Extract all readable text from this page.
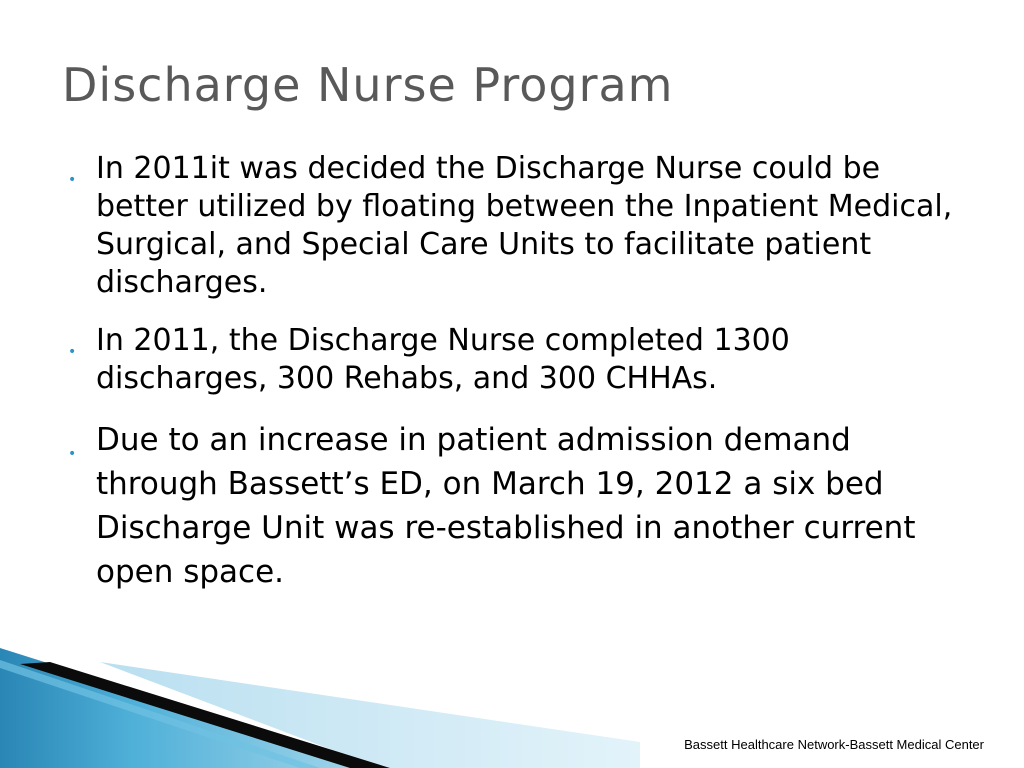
Discharge Nurse Program
• In 2011it was decided the Discharge Nurse could be better utilized by floating between the Inpatient Medical, Surgical, and Special Care Units to facilitate patient discharges.
• In 2011, the Discharge Nurse completed 1300 discharges, 300 Rehabs, and 300 CHHAs.
• Due to an increase in patient admission demand through Bassett’s ED, on March 19, 2012 a six bed Discharge Unit was re-established in another current open space.
Bassett Healthcare Network-Bassett Medical Center
